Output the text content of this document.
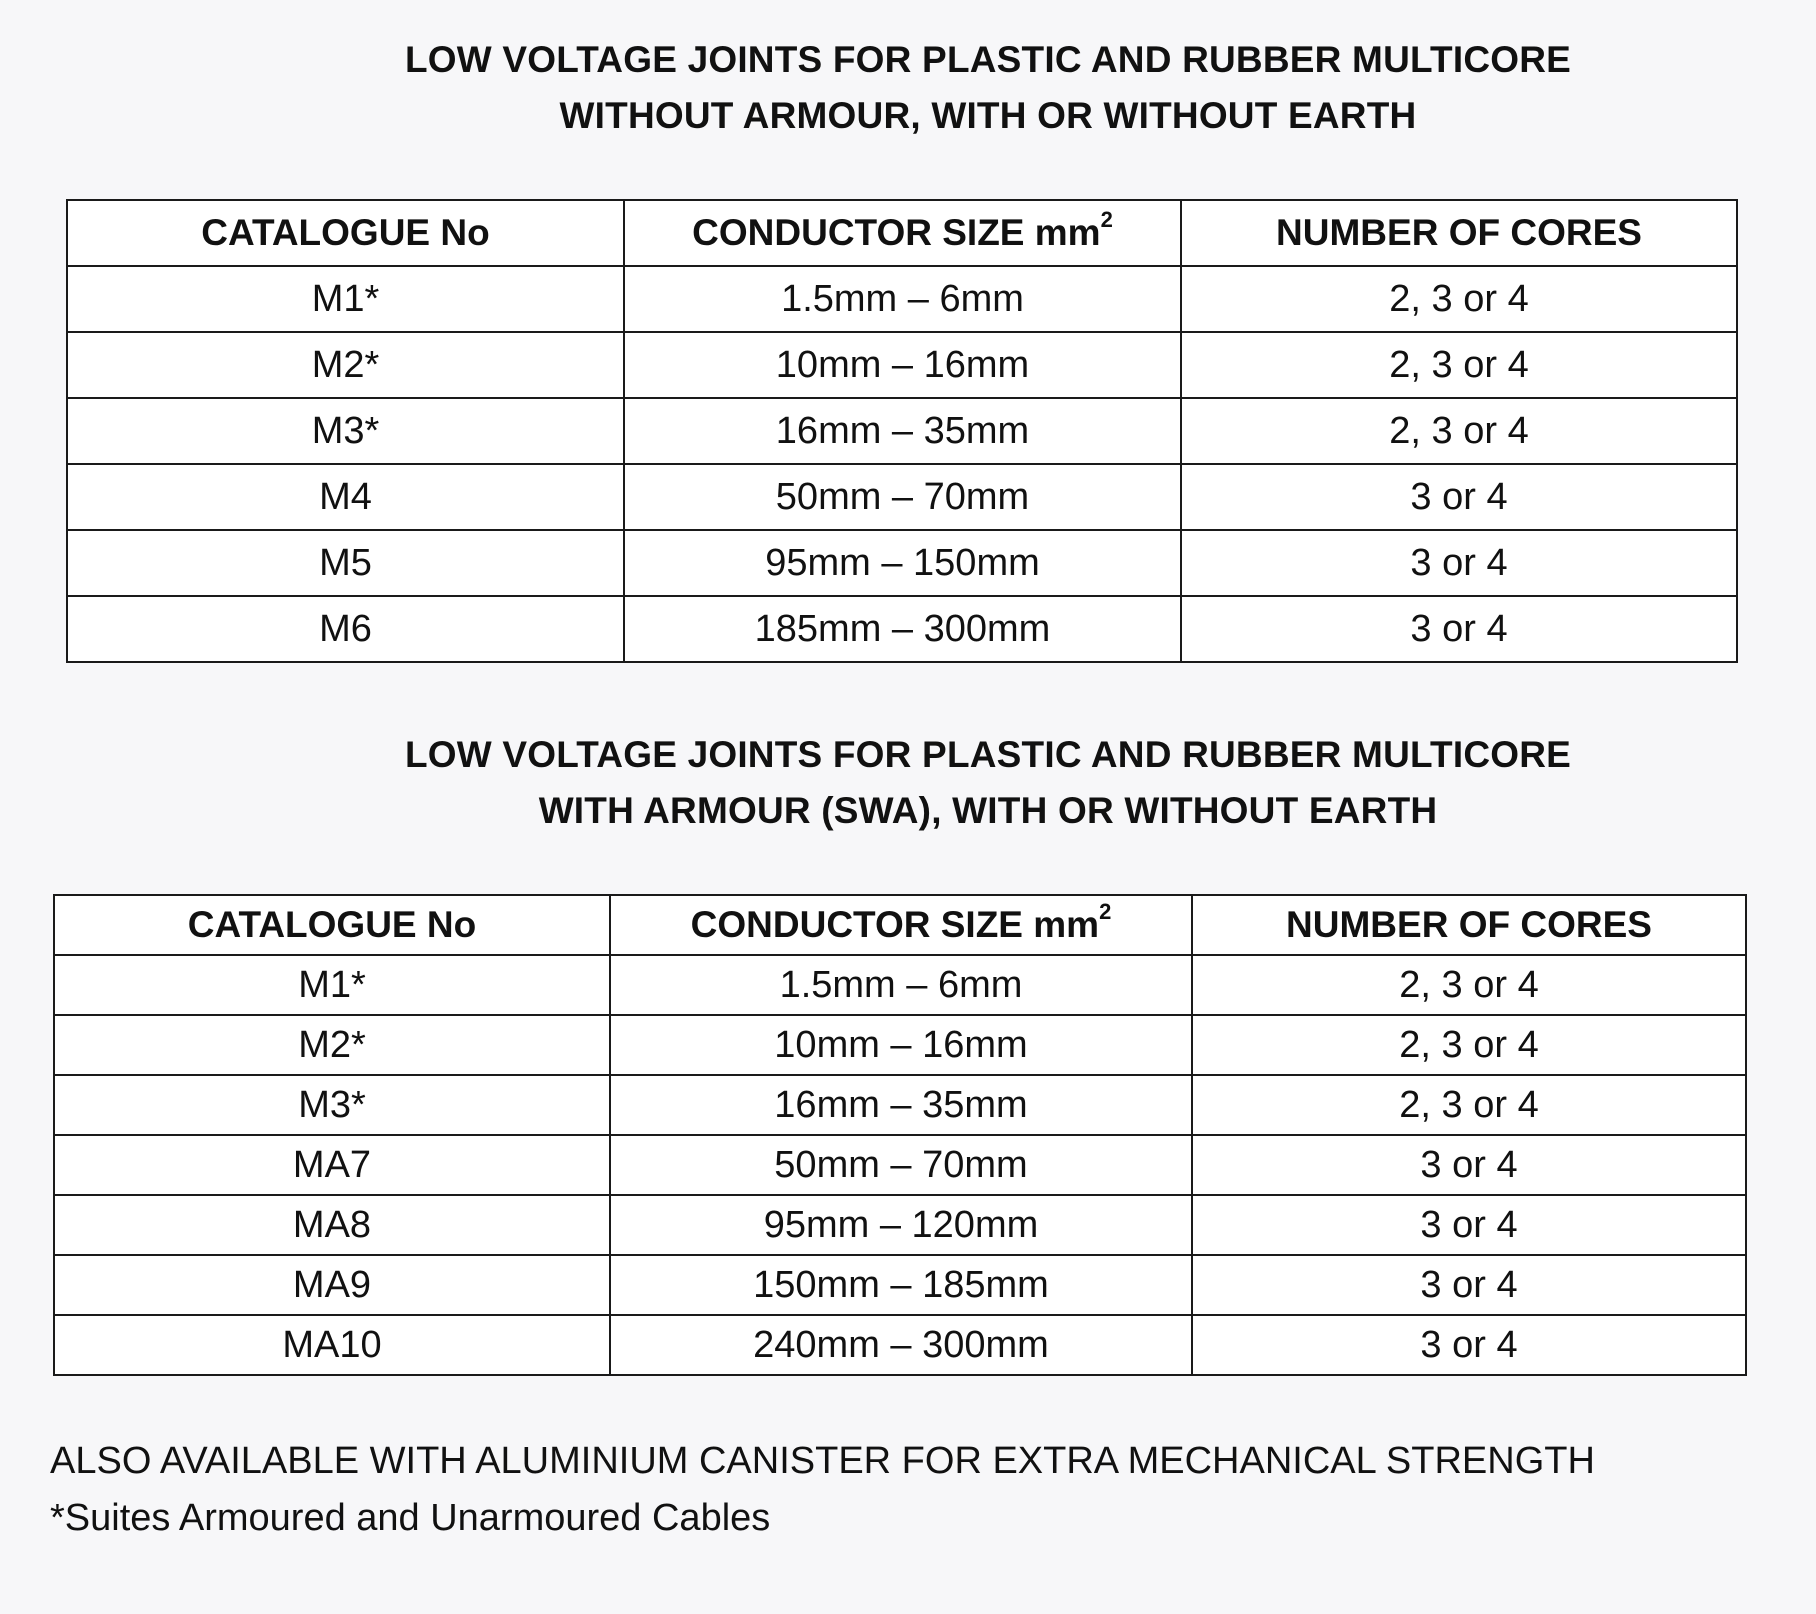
LOW VOLTAGE JOINTS FOR PLASTIC AND RUBBER MULTICORE
WITHOUT ARMOUR, WITH OR WITHOUT EARTH
CATALOGUE No	CONDUCTOR SIZE $mm^2$	NUMBER OF CORES
M1*	1.5mm – 6mm	2, 3 or 4
M2*	10mm – 16mm	2, 3 or 4
M3*	16mm – 35mm	2, 3 or 4
M4	50mm – 70mm	3 or 4
M5	95mm – 150mm	3 or 4
M6	185mm – 300mm	3 or 4
LOW VOLTAGE JOINTS FOR PLASTIC AND RUBBER MULTICORE
WITH ARMOUR (SWA), WITH OR WITHOUT EARTH
CATALOGUE No	CONDUCTOR SIZE $mm^2$	NUMBER OF CORES
M1*	1.5mm – 6mm	2, 3 or 4
M2*	10mm – 16mm	2, 3 or 4
M3*	16mm – 35mm	2, 3 or 4
MA7	50mm – 70mm	3 or 4
MA8	95mm – 120mm	3 or 4
MA9	150mm – 185mm	3 or 4
MA10	240mm – 300mm	3 or 4
ALSO AVAILABLE WITH ALUMINIUM CANISTER FOR EXTRA MECHANICAL STRENGTH
*Suites Armoured and Unarmoured Cables
